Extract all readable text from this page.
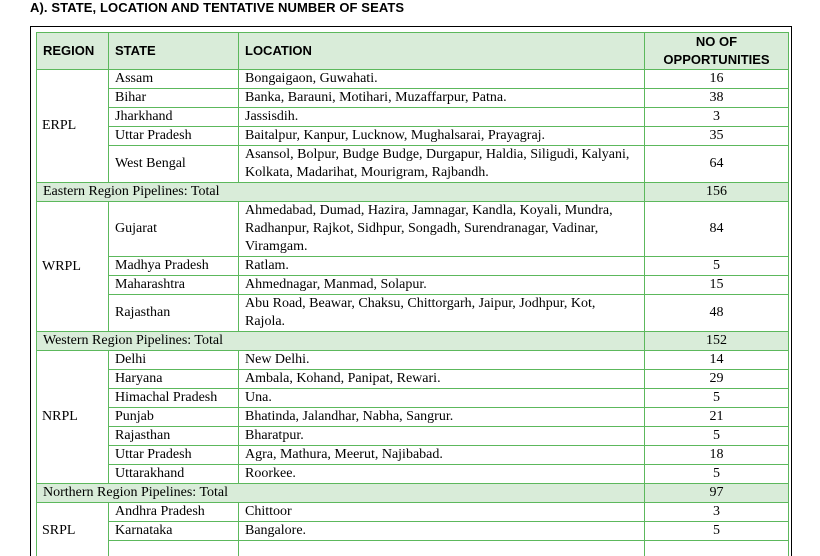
A). STATE, LOCATION AND TENTATIVE NUMBER OF SEATS
REGION	STATE	LOCATION	NO OF
OPPORTUNITIES
ERPL	Assam	Bongaigaon, Guwahati.	16
	Bihar	Banka, Barauni, Motihari, Muzaffarpur, Patna.	38
	Jharkhand	Jassisdih.	3
	Uttar Pradesh	Baitalpur, Kanpur, Lucknow, Mughalsarai, Prayagraj.	35
	West Bengal	Asansol, Bolpur, Budge Budge, Durgapur, Haldia, Siligudi, Kalyani, Kolkata, Madarihat, Mourigram, Rajbandh.	64
Eastern Region Pipelines: Total			156
WRPL	Gujarat	Ahmedabad, Dumad, Hazira, Jamnagar, Kandla, Koyali, Mundra, Radhanpur, Rajkot, Sidhpur, Songadh, Surendranagar, Vadinar, Viramgam.	84
	Madhya Pradesh	Ratlam.	5
	Maharashtra	Ahmednagar, Manmad, Solapur.	15
	Rajasthan	Abu Road, Beawar, Chaksu, Chittorgarh, Jaipur, Jodhpur, Kot, Rajola.	48
Western Region Pipelines: Total			152
NRPL	Delhi	New Delhi.	14
	Haryana	Ambala, Kohand, Panipat, Rewari.	29
	Himachal Pradesh	Una.	5
	Punjab	Bhatinda, Jalandhar, Nabha, Sangrur.	21
	Rajasthan	Bharatpur.	5
	Uttar Pradesh	Agra, Mathura, Meerut, Najibabad.	18
	Uttarakhand	Roorkee.	5
Northern Region Pipelines: Total			97
SRPL	Andhra Pradesh	Chittoor	3
	Karnataka	Bangalore.	5
